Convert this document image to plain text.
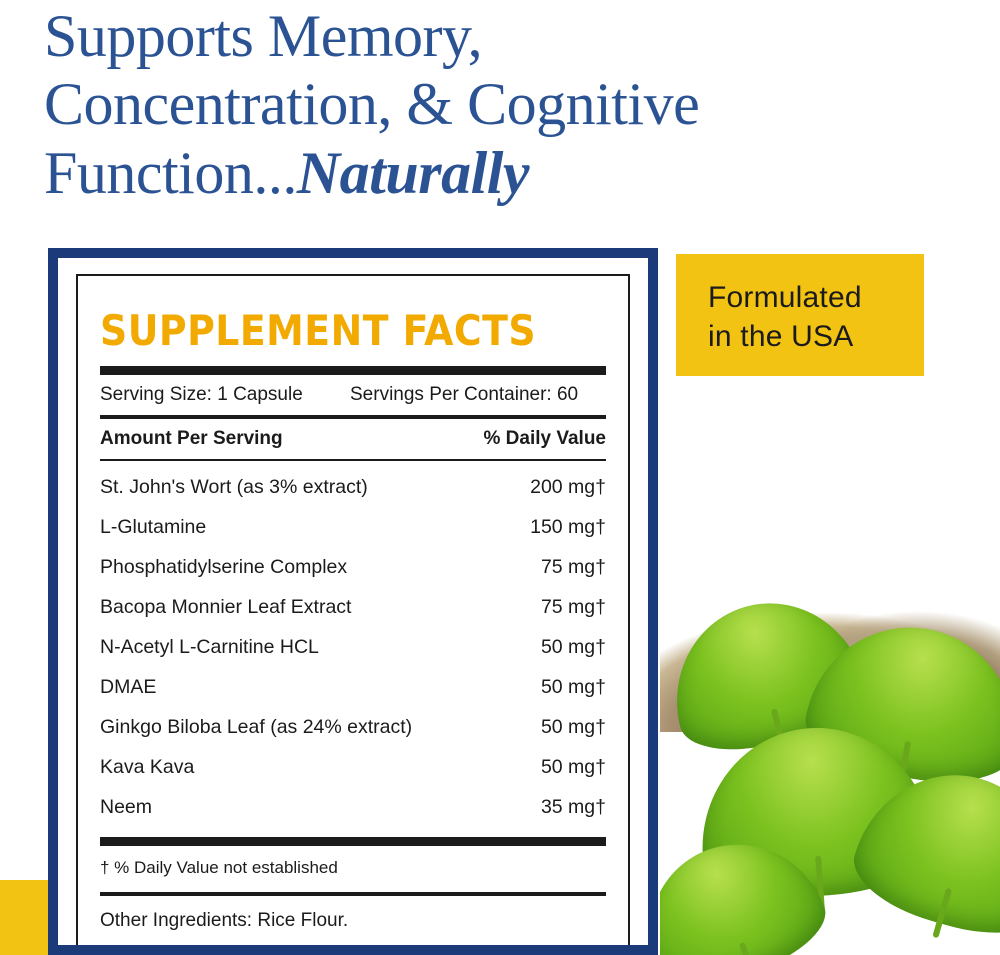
Supports Memory,
Concentration, & Cognitive
Function...Naturally
Formulated
in the USA
SUPPLEMENT FACTS
Serving Size: 1 Capsule	Servings Per Container: 60
Amount Per Serving	% Daily Value
St. John's Wort (as 3% extract)	200 mg†
L-Glutamine	150 mg†
Phosphatidylserine Complex	75 mg†
Bacopa Monnier Leaf Extract	75 mg†
N-Acetyl L-Carnitine HCL	50 mg†
DMAE	50 mg†
Ginkgo Biloba Leaf (as 24% extract)	50 mg†
Kava Kava	50 mg†
Neem	35 mg†
† % Daily Value not established
Other Ingredients: Rice Flour.
